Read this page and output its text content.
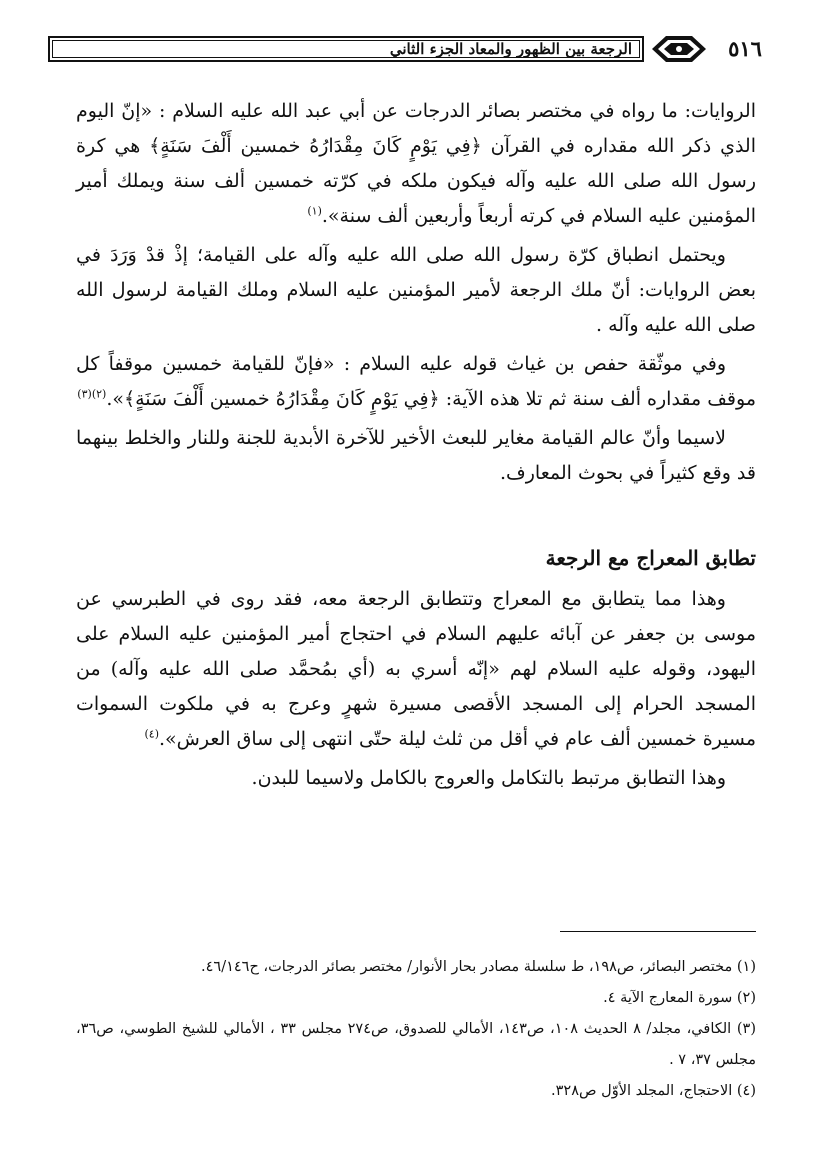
الرجعة بين الظهور والمعاد الجزء الثاني	٥١٦

الروايات: ما رواه في مختصر بصائر الدرجات عن أبي عبد الله عليه السلام : «إنّ اليوم الذي ذكر الله مقداره في القرآن ﴿فِي يَوْمٍ كَانَ مِقْدَارُهُ خمسين أَلْفَ سَنَةٍ﴾ هي كرة رسول الله صلى الله عليه وآله فيكون ملكه في كرّته خمسين ألف سنة ويملك أمير المؤمنين عليه السلام في كرته أربعاً وأربعين ألف سنة».$^{(١)}$

ويحتمل انطباق كرّة رسول الله صلى الله عليه وآله على القيامة؛ إذْ قدْ وَرَدَ في بعض الروايات: أنّ ملك الرجعة لأمير المؤمنين عليه السلام وملك القيامة لرسول الله صلى الله عليه وآله .

وفي موثّقة حفص بن غياث قوله عليه السلام : «فإنّ للقيامة خمسين موقفاً كل موقف مقداره ألف سنة ثم تلا هذه الآية: ﴿فِي يَوْمٍ كَانَ مِقْدَارُهُ خمسين أَلْفَ سَنَةٍ﴾».$^{(٢)(٣)}$

لاسيما وأنّ عالم القيامة مغاير للبعث الأخير للآخرة الأبدية للجنة وللنار والخلط بينهما قد وقع كثيراً في بحوث المعارف.

تطابق المعراج مع الرجعة

وهذا مما يتطابق مع المعراج وتتطابق الرجعة معه، فقد روى في الطبرسي عن موسى بن جعفر عن آبائه عليهم السلام في احتجاج أمير المؤمنين عليه السلام على اليهود، وقوله عليه السلام لهم «إنّه أسري به (أي بمُحمَّد صلى الله عليه وآله) من المسجد الحرام إلى المسجد الأقصى مسيرة شهرٍ وعرج به في ملكوت السموات مسيرة خمسين ألف عام في أقل من ثلث ليلة حتّى انتهى إلى ساق العرش».$^{(٤)}$

وهذا التطابق مرتبط بالتكامل والعروج بالكامل ولاسيما للبدن.

(١) مختصر البصائر، ص١٩٨، ط سلسلة مصادر بحار الأنوار/ مختصر بصائر الدرجات، ح٤٦/١٤٦.

(٢) سورة المعارج الآية ٤.

(٣) الكافي، مجلد/ ٨ الحديث ١٠٨، ص١٤٣، الأمالي للصدوق، ص٢٧٤ مجلس ٣٣ ، الأمالي للشيخ الطوسي، ص٣٦، مجلس ٣٧، ٧ .

(٤) الاحتجاج، المجلد الأوّل ص٣٢٨.
